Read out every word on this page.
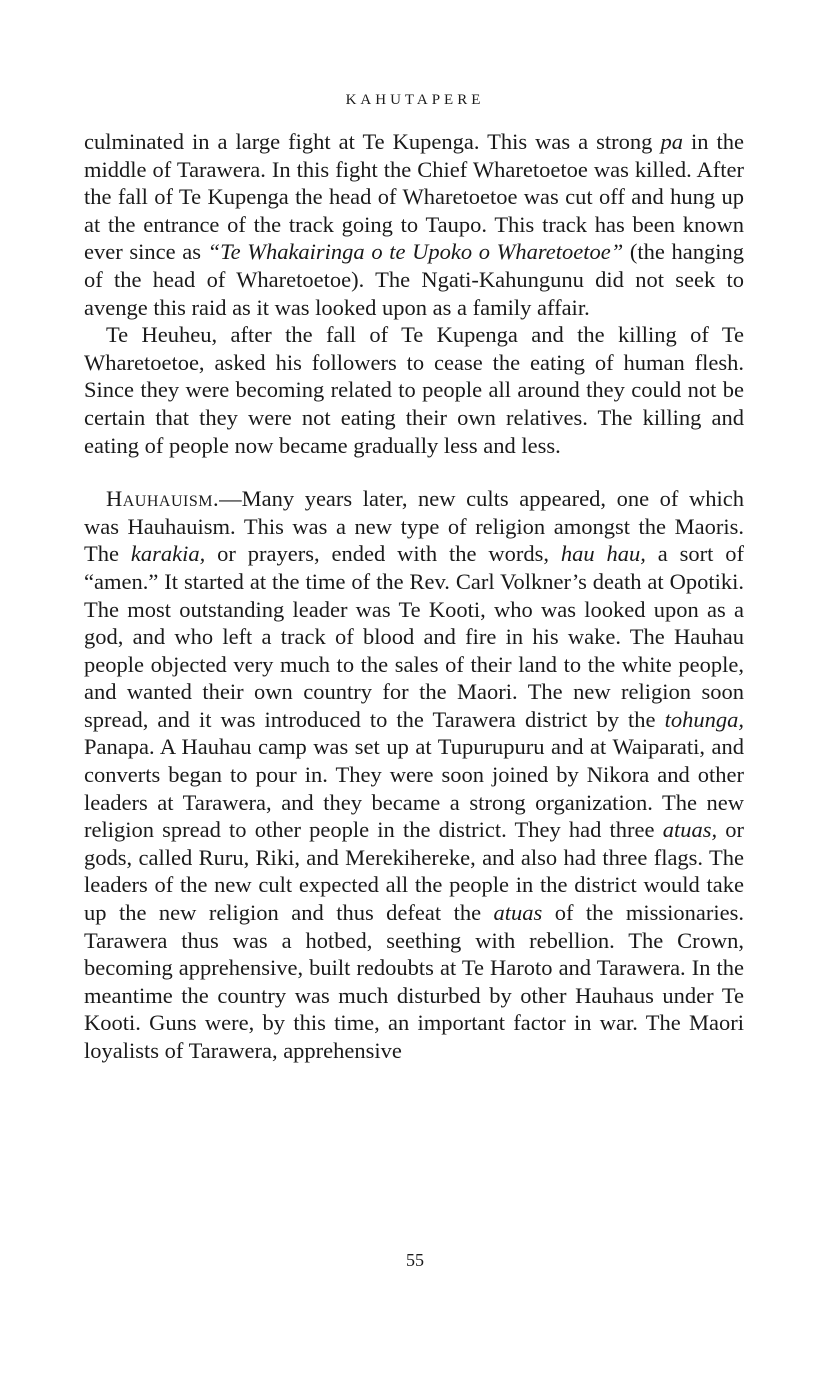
KAHUTAPERE

culminated in a large fight at Te Kupenga. This was a strong pa in the middle of Tarawera. In this fight the Chief Wharetoetoe was killed. After the fall of Te Kupenga the head of Wharetoetoe was cut off and hung up at the entrance of the track going to Taupo. This track has been known ever since as “Te Whakairinga o te Upoko o Wharetoetoe” (the hanging of the head of Wharetoetoe). The Ngati-Kahungunu did not seek to avenge this raid as it was looked upon as a family affair.

Te Heuheu, after the fall of Te Kupenga and the killing of Te Wharetoetoe, asked his followers to cease the eating of human flesh. Since they were becoming related to people all around they could not be certain that they were not eating their own relatives. The killing and eating of people now became gradually less and less.

Hauhauism.—Many years later, new cults appeared, one of which was Hauhauism. This was a new type of religion amongst the Maoris. The karakia, or prayers, ended with the words, hau hau, a sort of “amen.” It started at the time of the Rev. Carl Volkner’s death at Opotiki. The most outstanding leader was Te Kooti, who was looked upon as a god, and who left a track of blood and fire in his wake. The Hauhau people objected very much to the sales of their land to the white people, and wanted their own country for the Maori. The new religion soon spread, and it was introduced to the Tarawera district by the tohunga, Panapa. A Hauhau camp was set up at Tupurupuru and at Waiparati, and converts began to pour in. They were soon joined by Nikora and other leaders at Tarawera, and they became a strong organization. The new religion spread to other people in the district. They had three atuas, or gods, called Ruru, Riki, and Merekihereke, and also had three flags. The leaders of the new cult expected all the people in the district would take up the new religion and thus defeat the atuas of the missionaries. Tarawera thus was a hotbed, seething with rebellion. The Crown, becoming apprehensive, built redoubts at Te Haroto and Tarawera. In the meantime the country was much disturbed by other Hauhaus under Te Kooti. Guns were, by this time, an important factor in war. The Maori loyalists of Tarawera, apprehensive

55
